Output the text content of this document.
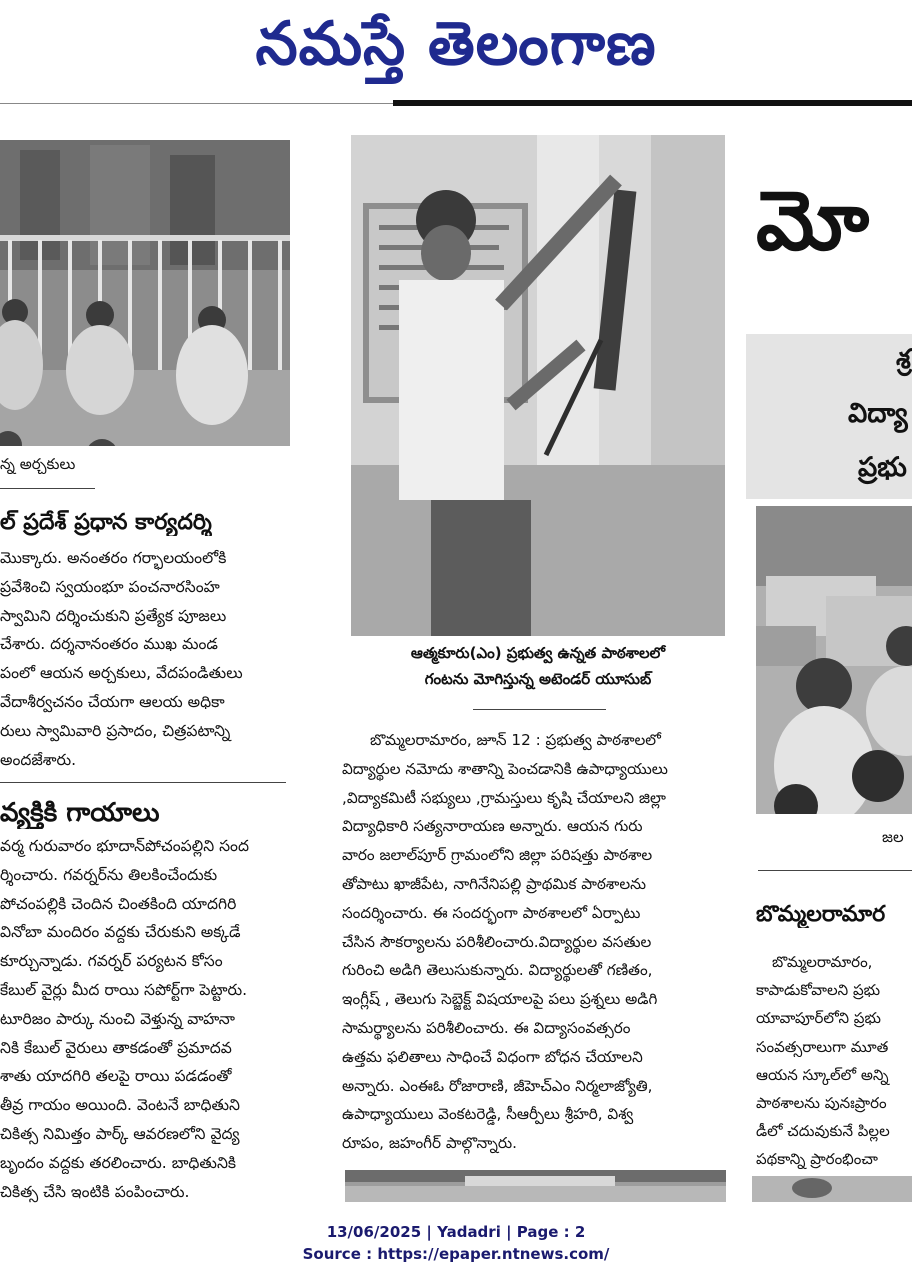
నమస్తే తెలంగాణ
న్న అర్చకులు
ల్ ప్రదేశ్ ప్రధాన కార్యదర్శి
మొక్కారు. అనంతరం గర్భాలయంలోకి
ప్రవేశించి స్వయంభూ పంచనారసింహ
స్వామిని దర్శించుకుని ప్రత్యేక పూజలు
చేశారు. దర్శనానంతరం ముఖ మండ
పంలో ఆయన అర్చకులు, వేదపండితులు
వేదాశీర్వచనం చేయగా ఆలయ అధికా
రులు స్వామివారి ప్రసాదం, చిత్రపటాన్ని
అందజేశారు.
వ్యక్తికి గాయాలు
వర్మ గురువారం భూదాన్‌పోచంపల్లిని సంద
ర్శించారు. గవర్నర్‌ను తిలకించేందుకు
పోచంపల్లికి చెందిన చింతకింది యాదగిరి
వినోబా మందిరం వద్దకు చేరుకుని అక్కడే
కూర్చున్నాడు. గవర్నర్ పర్యటన కోసం
కేబుల్ వైర్లు మీద రాయి సపోర్ట్‌గా పెట్టారు.
టూరిజం పార్కు నుంచి వెళ్తున్న వాహనా
నికి కేబుల్ వైరులు తాకడంతో ప్రమాదవ
శాతు యాదగిరి తలపై రాయి పడడంతో
తీవ్ర గాయం అయింది. వెంటనే బాధితుని
చికిత్స నిమిత్తం పార్క్ ఆవరణలోని వైద్య
బృందం వద్దకు తరలించారు. బాధితునికి
చికిత్స చేసి ఇంటికి పంపించారు.
ఆత్మకూరు(ఎం) ప్రభుత్వ ఉన్నత పాఠశాలలో
గంటను మోగిస్తున్న అటెండర్ యూసుబ్
బొమ్మలరామారం, జూన్ 12 : ప్రభుత్వ పాఠశాలలో
విద్యార్థుల నమోదు శాతాన్ని పెంచడానికి ఉపాధ్యాయులు
,విద్యాకమిటీ సభ్యులు ,గ్రామస్తులు కృషి చేయాలని జిల్లా
విద్యాధికారి సత్యనారాయణ అన్నారు. ఆయన గురు
వారం జలాల్‌పూర్ గ్రామంలోని జిల్లా పరిషత్తు పాఠశాల
తోపాటు ఖాజీపేట, నాగినేనిపల్లి ప్రాథమిక పాఠశాలను
సందర్శించారు. ఈ సందర్భంగా పాఠశాలలో ఏర్పాటు
చేసిన సౌకర్యాలను పరిశీలించారు.విద్యార్థుల వసతుల
గురించి అడిగి తెలుసుకున్నారు. విద్యార్థులతో గణితం,
ఇంగ్లీష్ , తెలుగు సెబ్జెక్ట్ విషయాలపై పలు ప్రశ్నలు అడిగి
సామర్థ్యాలను పరిశీలించారు. ఈ విద్యాసంవత్సరం
ఉత్తమ ఫలితాలు సాధించే విధంగా బోధన చేయాలని
అన్నారు. ఎంఈఓ రోజారాణి, జీహెచ్‌ఎం నిర్మలాజ్యోతి,
ఉపాధ్యాయులు వెంకటరెడ్డి, సీఆర్పీలు శ్రీహరి, విశ్వ
రూపం, జహంగీర్ పాల్గొన్నారు.
మో
శ్ర
విద్యా
ప్రభు
జల
బొమ్మలరామార
బొమ్మలరామారం,
కాపాడుకోవాలని ప్రభు
యావాపూర్‌లోని ప్రభు
సంవత్సరాలుగా మూత
ఆయన స్కూల్‌లో అన్ని
పాఠశాలను పునఃప్రారం
డీలో చదువుకునే పిల్లల
పథకాన్ని ప్రారంభించా
13/06/2025 | Yadadri | Page : 2
Source : https://epaper.ntnews.com/
